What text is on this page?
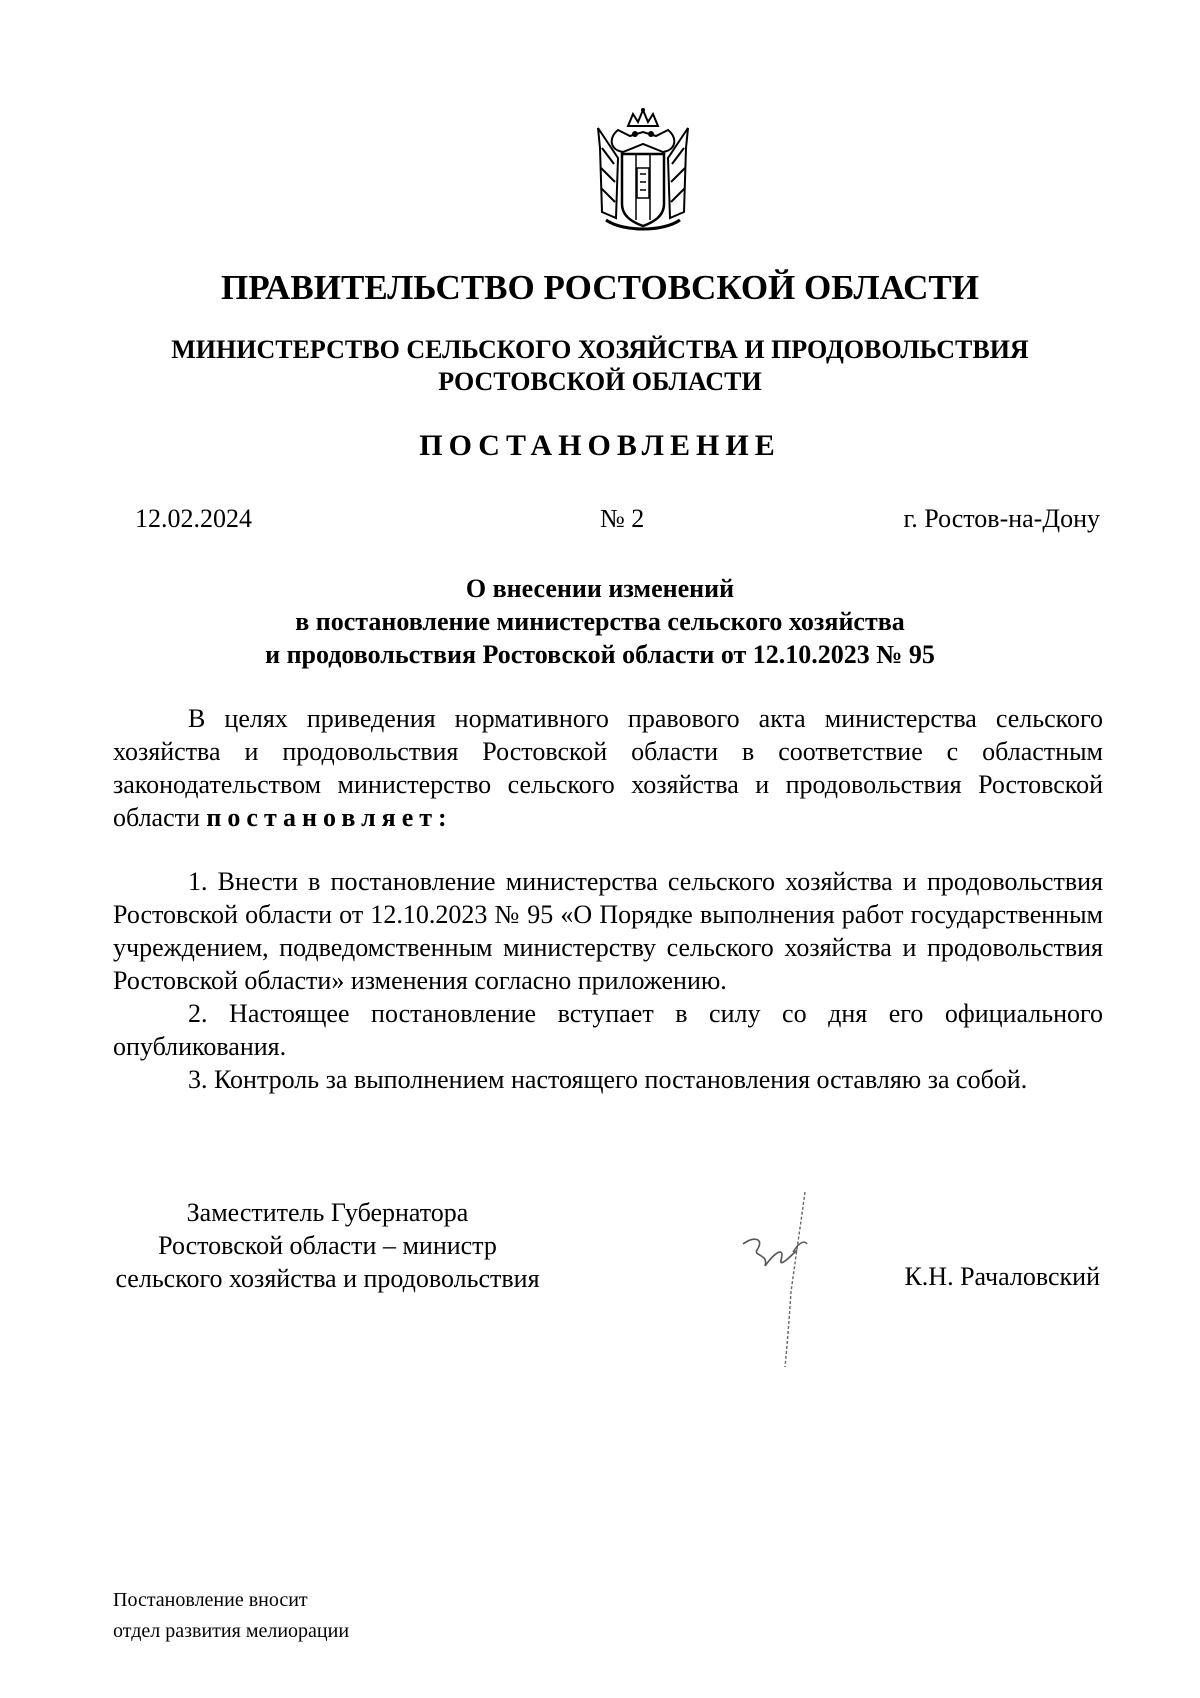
ПРАВИТЕЛЬСТВО РОСТОВСКОЙ ОБЛАСТИ
МИНИСТЕРСТВО СЕЛЬСКОГО ХОЗЯЙСТВА И ПРОДОВОЛЬСТВИЯ
РОСТОВСКОЙ ОБЛАСТИ
ПОСТАНОВЛЕНИЕ
12.02.2024	№ 2	г. Ростов-на-Дону
О внесении изменений
в постановление министерства сельского хозяйства
и продовольствия Ростовской области от 12.10.2023 № 95
В целях приведения нормативного правового акта министерства сельского хозяйства и продовольствия Ростовской области в соответствие с областным законодательством министерство сельского хозяйства и продовольствия Ростовской области постановляет:
1. Внести в постановление министерства сельского хозяйства и продовольствия Ростовской области от 12.10.2023 № 95 «О Порядке выполнения работ государственным учреждением, подведомственным министерству сельского хозяйства и продовольствия Ростовской области» изменения согласно приложению.
2. Настоящее постановление вступает в силу со дня его официального опубликования.
3. Контроль за выполнением настоящего постановления оставляю за собой.
Заместитель Губернатора
Ростовской области – министр
сельского хозяйства и продовольствия	К.Н. Рачаловский
Постановление вносит
отдел развития мелиорации
